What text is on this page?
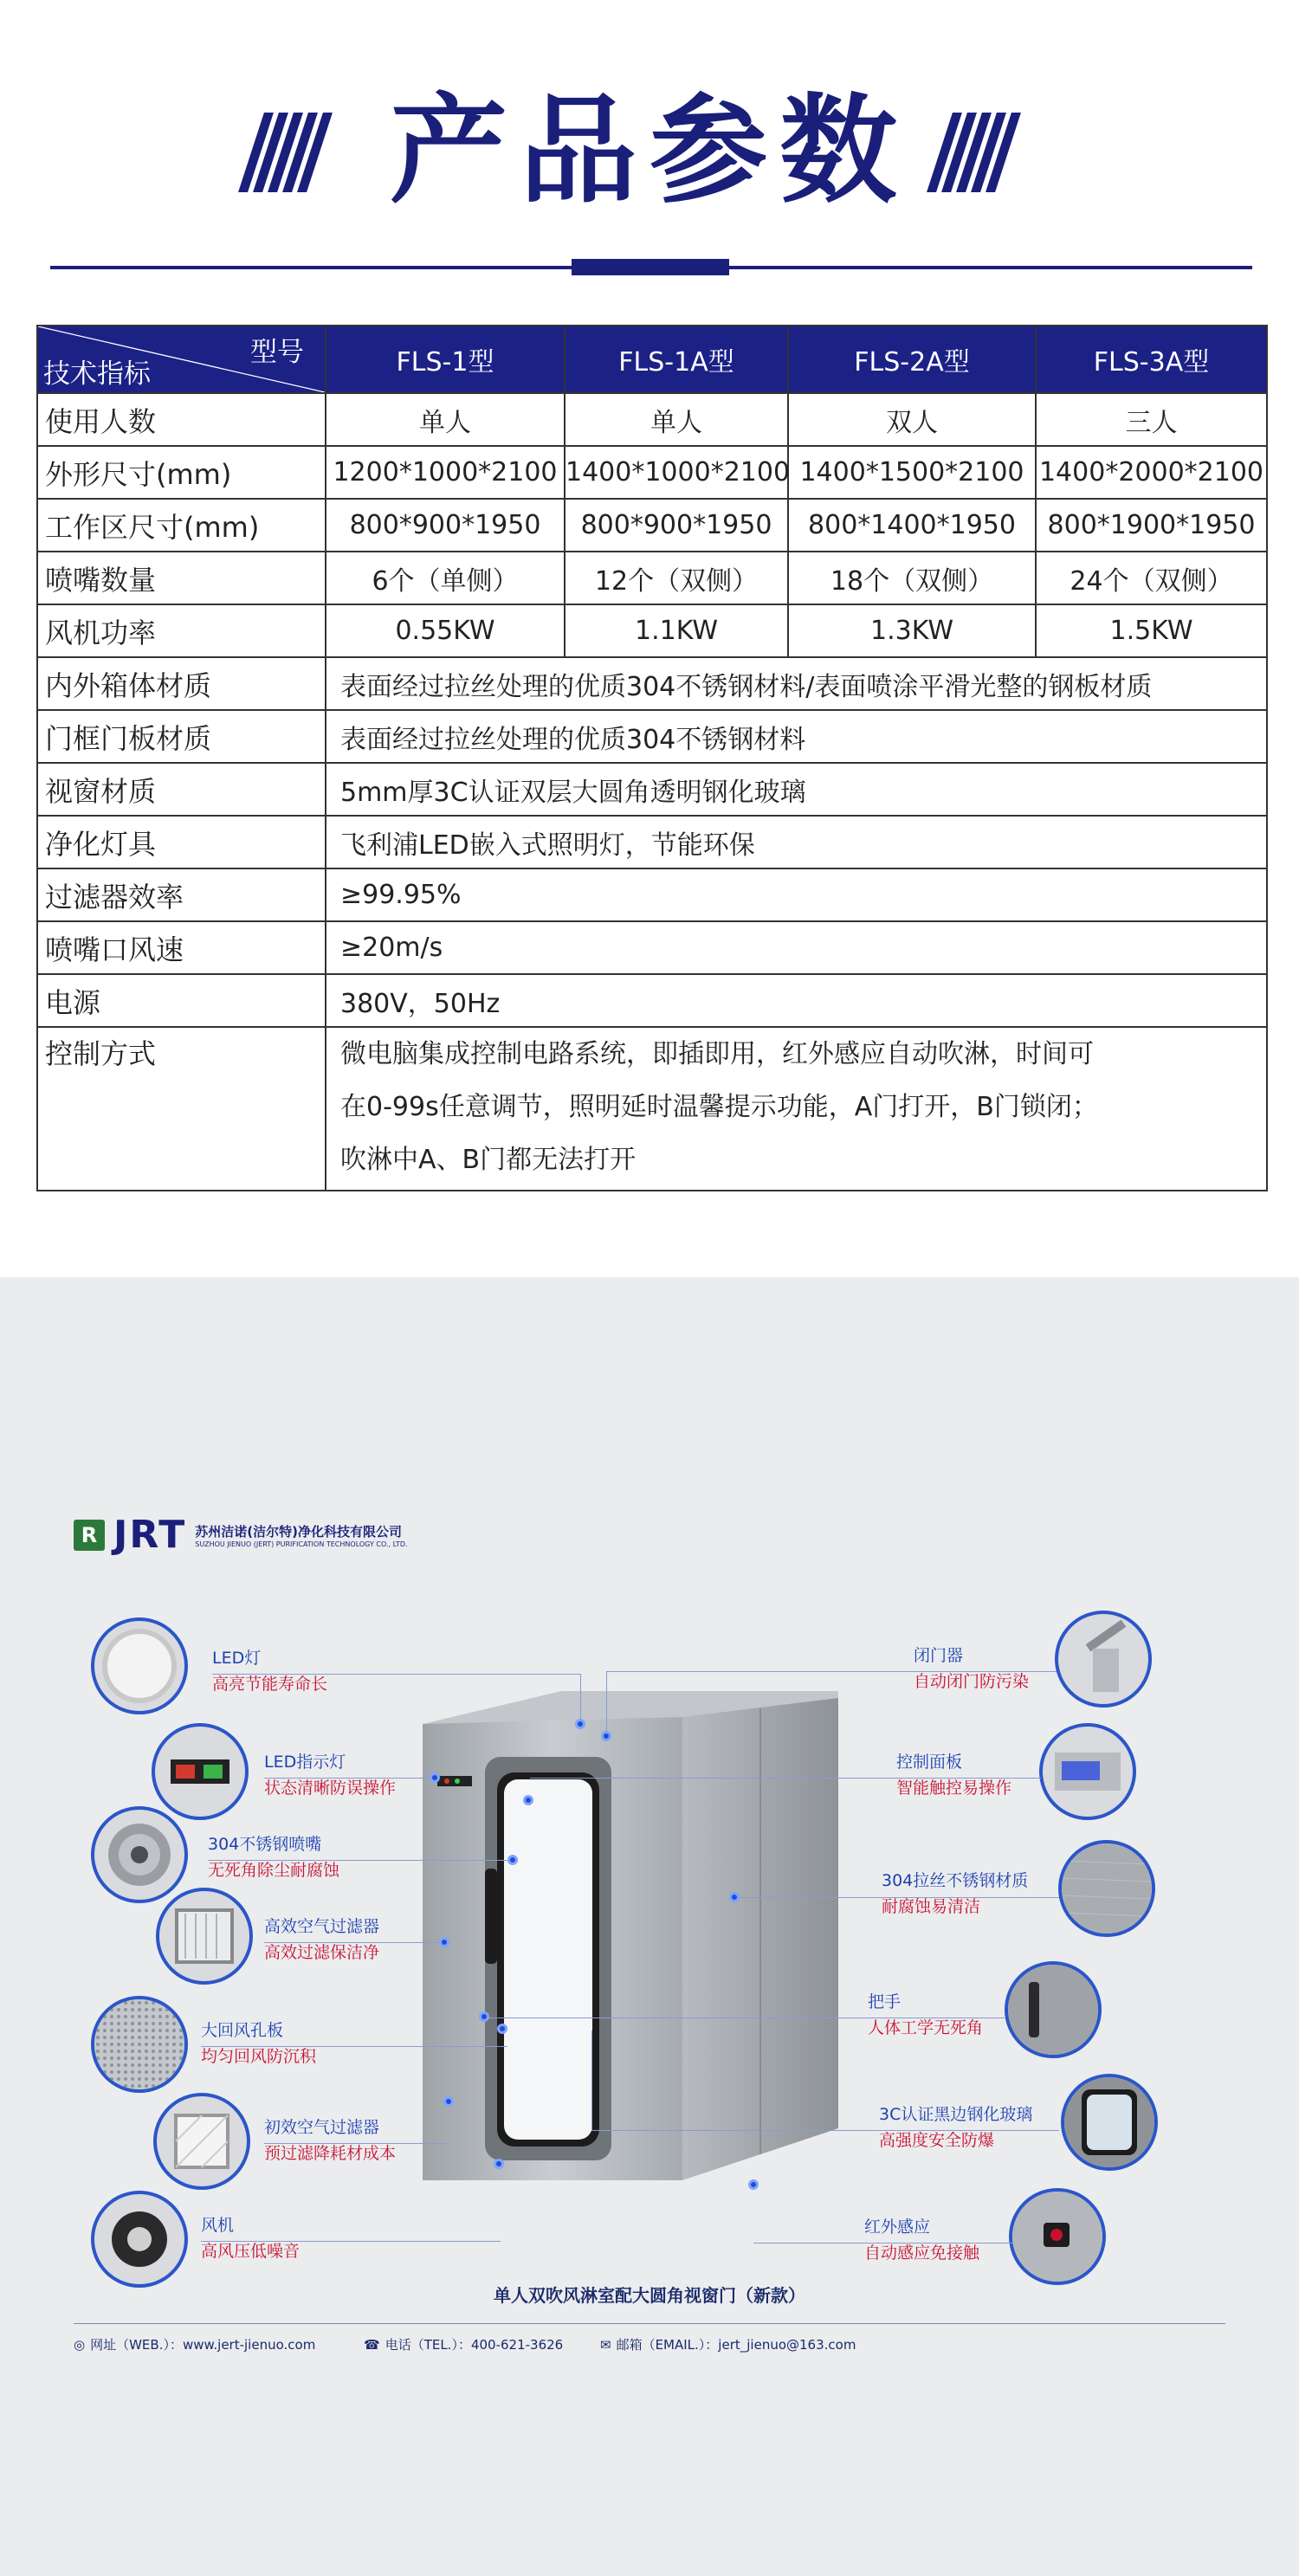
产品参数
型号
技术指标	FLS-1型	FLS-1A型	FLS-2A型	FLS-3A型
使用人数	单人	单人	双人	三人
外形尺寸(mm)	1200*1000*2100	1400*1000*2100	1400*1500*2100	1400*2000*2100
工作区尺寸(mm)	800*900*1950	800*900*1950	800*1400*1950	800*1900*1950
喷嘴数量	6个（单侧）	12个（双侧）	18个（双侧）	24个（双侧）
风机功率	0.55KW	1.1KW	1.3KW	1.5KW
内外箱体材质	表面经过拉丝处理的优质304不锈钢材料/表面喷涂平滑光整的钢板材质			
门框门板材质	表面经过拉丝处理的优质304不锈钢材料			
视窗材质	5mm厚3C认证双层大圆角透明钢化玻璃			
净化灯具	飞利浦LED嵌入式照明灯，节能环保			
过滤器效率	≥99.95%			
喷嘴口风速	≥20m/s			
电源	380V，50Hz			
控制方式	微电脑集成控制电路系统，即插即用，红外感应自动吹淋，时间可
在0-99s任意调节，照明延时温馨提示功能，A门打开，B门锁闭；
吹淋中A、B门都无法打开			
R JRT 苏州洁诺(洁尔特)净化科技有限公司
SUZHOU JIENUO (JERT) PURIFICATION TECHNOLOGY CO., LTD.
LED灯
高亮节能寿命长
LED指示灯
状态清晰防误操作
304不锈钢喷嘴
无死角除尘耐腐蚀
高效空气过滤器
高效过滤保洁净
大回风孔板
均匀回风防沉积
初效空气过滤器
预过滤降耗材成本
风机
高风压低噪音
闭门器
自动闭门防污染
控制面板
智能触控易操作
304拉丝不锈钢材质
耐腐蚀易清洁
把手
人体工学无死角
3C认证黑边钢化玻璃
高强度安全防爆
红外感应
自动感应免接触
单人双吹风淋室配大圆角视窗门（新款）
◎ 网址（WEB.）：www.jert-jienuo.com	☎ 电话（TEL.）：400-621-3626	✉ 邮箱（EMAIL.）：jert_jienuo@163.com
